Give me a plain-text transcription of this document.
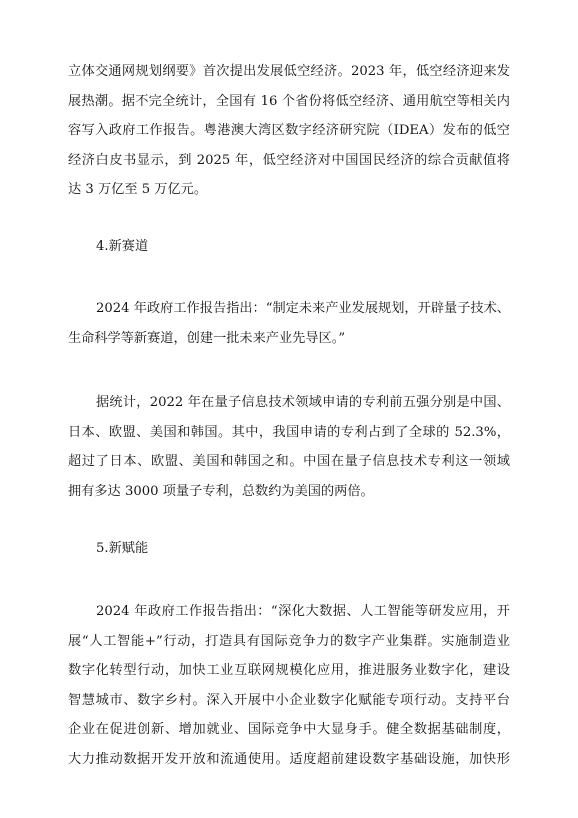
立体交通网规划纲要》首次提出发展低空经济。2023 年，低空经济迎来发
展热潮。据不完全统计，全国有 16 个省份将低空经济、通用航空等相关内
容写入政府工作报告。粤港澳大湾区数字经济研究院（IDEA）发布的低空
经济白皮书显示，到 2025 年，低空经济对中国国民经济的综合贡献值将
达 3 万亿至 5 万亿元。
4.新赛道
2024 年政府工作报告指出：“制定未来产业发展规划，开辟量子技术、
生命科学等新赛道，创建一批未来产业先导区。”
据统计，2022 年在量子信息技术领域申请的专利前五强分别是中国、
日本、欧盟、美国和韩国。其中，我国申请的专利占到了全球的 52.3%，
超过了日本、欧盟、美国和韩国之和。中国在量子信息技术专利这一领域
拥有多达 3000 项量子专利，总数约为美国的两倍。
5.新赋能
2024 年政府工作报告指出：“深化大数据、人工智能等研发应用，开
展“人工智能+”行动，打造具有国际竞争力的数字产业集群。实施制造业
数字化转型行动，加快工业互联网规模化应用，推进服务业数字化，建设
智慧城市、数字乡村。深入开展中小企业数字化赋能专项行动。支持平台
企业在促进创新、增加就业、国际竞争中大显身手。健全数据基础制度，
大力推动数据开发开放和流通使用。适度超前建设数字基础设施，加快形
